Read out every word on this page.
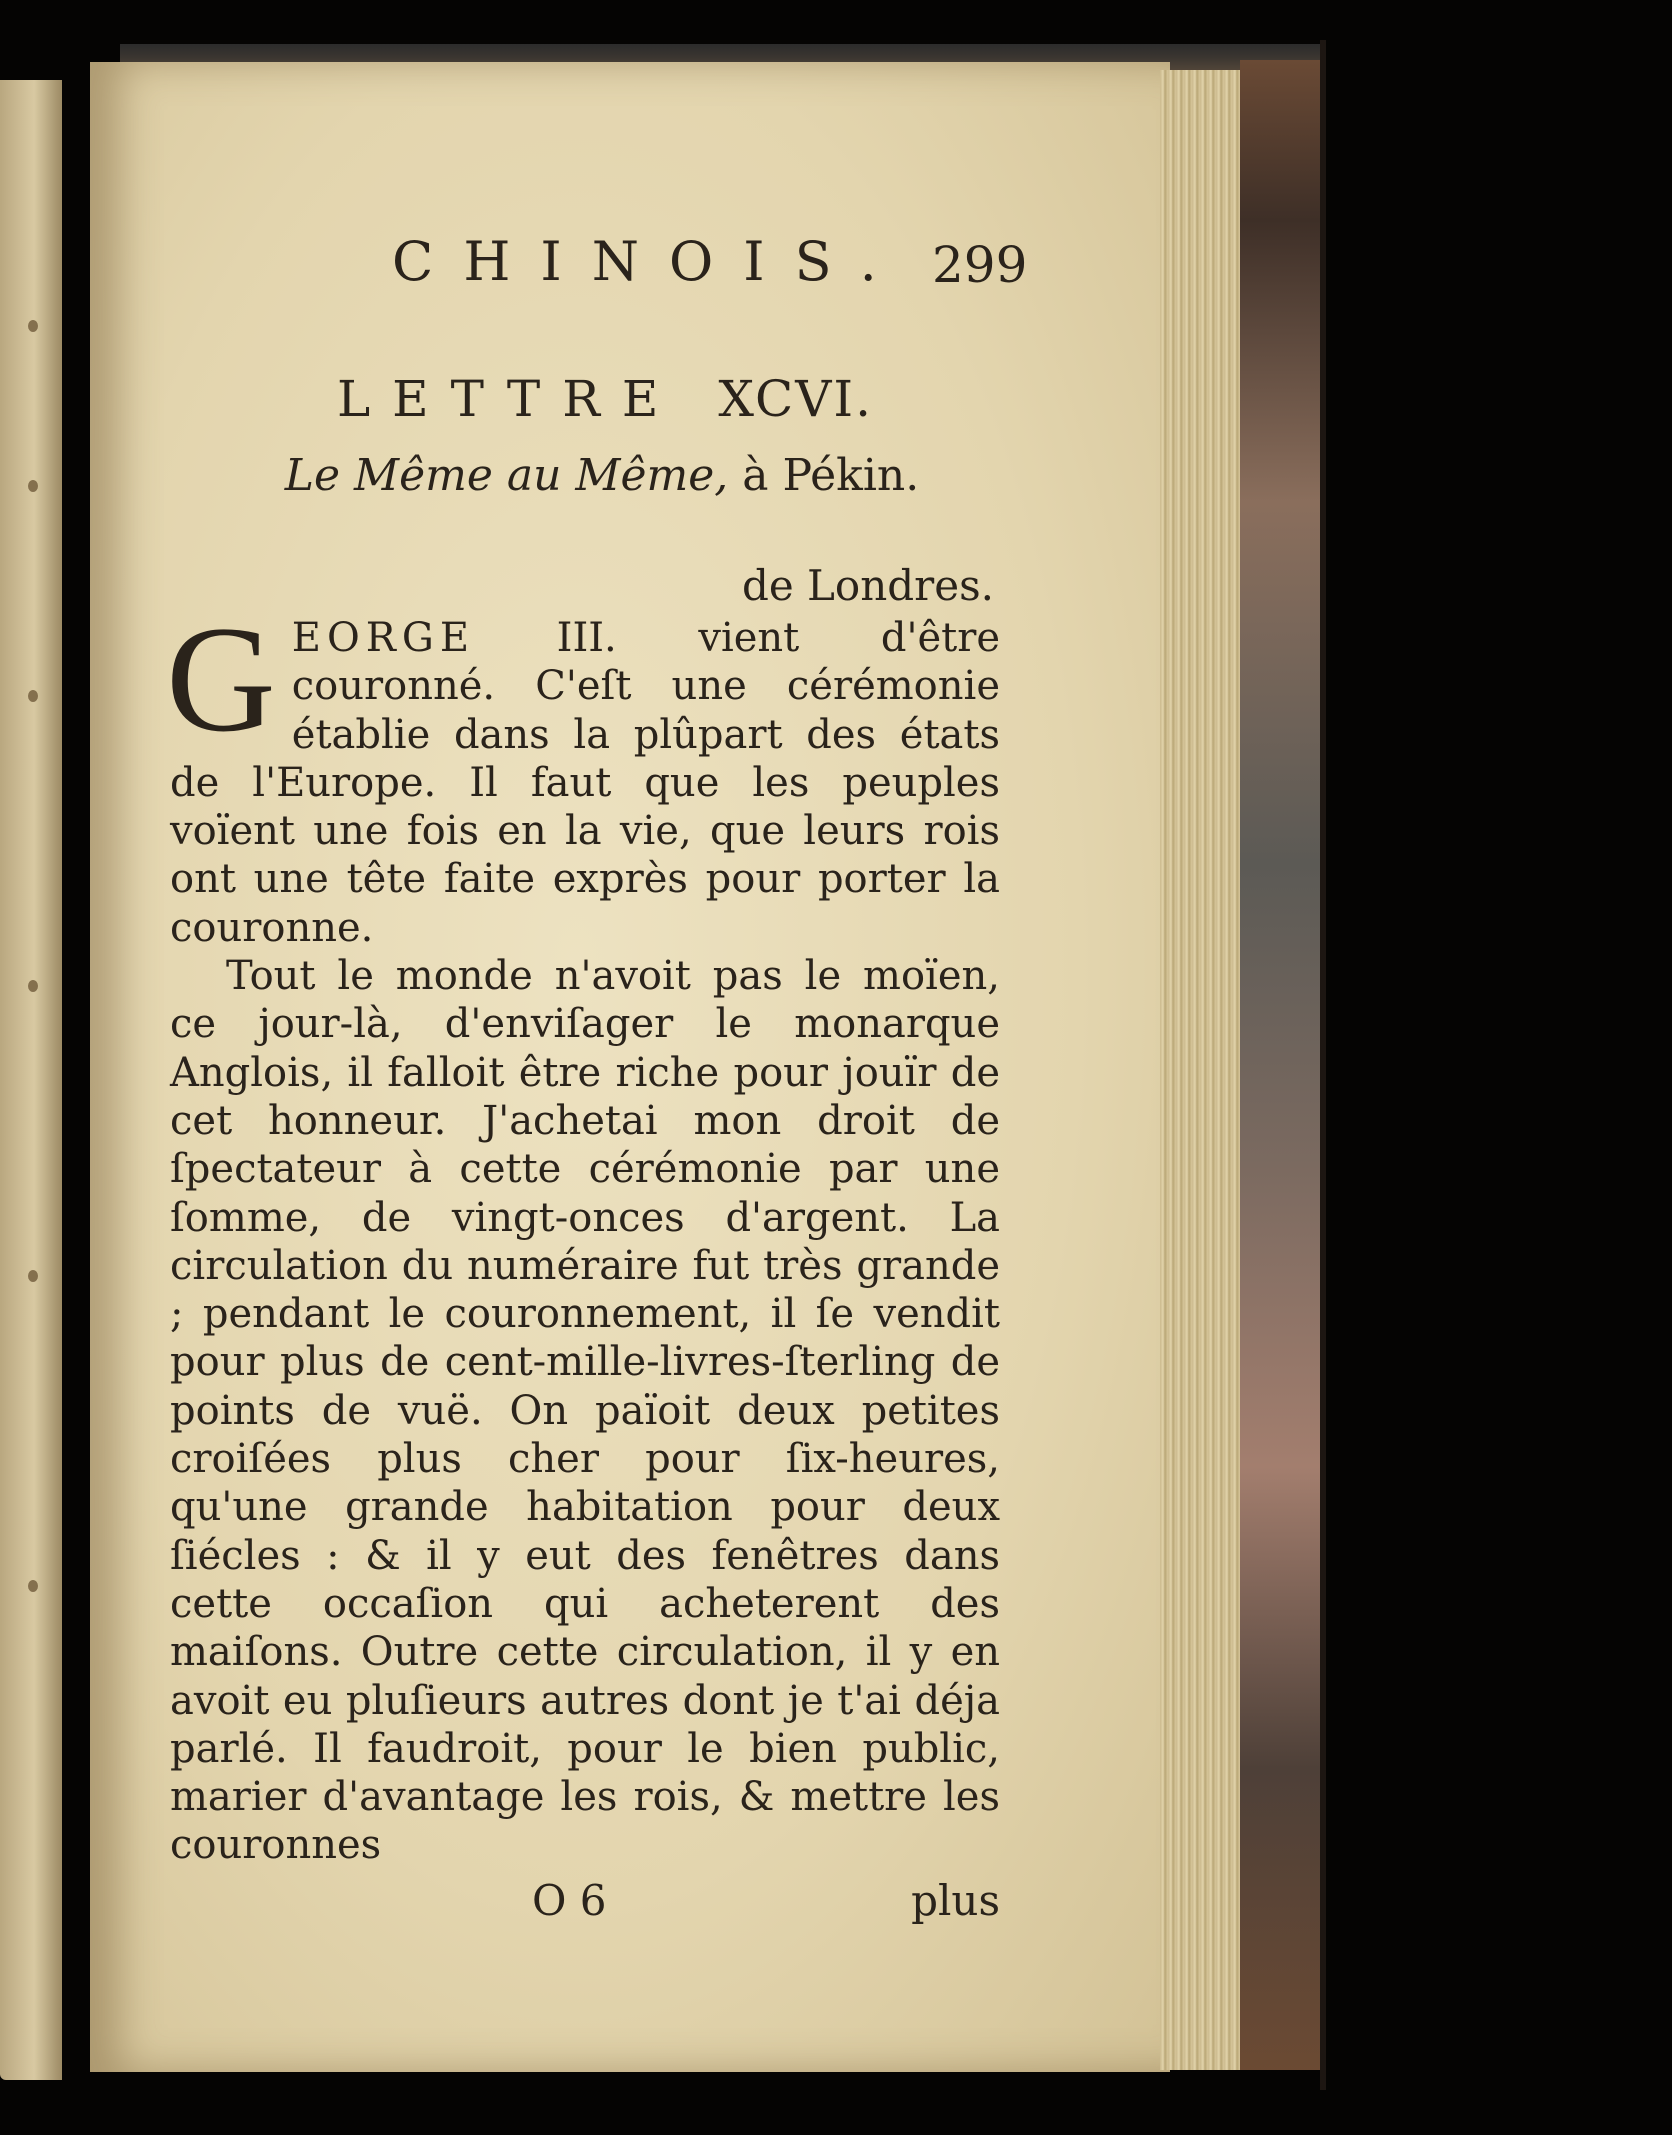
CHINOIS. 299
LETTRE XCVI.
Le Même au Même, à Pékin.
de Londres.

GEORGE III. vient d'être couronné. C'eſt une cérémonie établie dans la plûpart des états de l'Europe. Il faut que les peuples voïent une fois en la vie, que leurs rois ont une tête faite exprès pour porter la couronne.

Tout le monde n'avoit pas le moïen, ce jour-là, d'enviſager le monarque Anglois, il falloit être riche pour jouïr de cet honneur. J'achetai mon droit de ſpectateur à cette cérémonie par une ſomme, de vingt-onces d'argent. La circulation du numéraire fut très grande ; pendant le couronnement, il ſe vendit pour plus de cent-mille-livres-ſterling de points de vuë. On païoit deux petites croiſées plus cher pour ſix-heures, qu'une grande habitation pour deux ſiécles : & il y eut des fenêtres dans cette occaſion qui acheterent des maiſons. Outre cette circulation, il y en avoit eu pluſieurs autres dont je t'ai déja parlé. Il faudroit, pour le bien public, marier d'avantage les rois, & mettre les couronnes

O 6	plus
